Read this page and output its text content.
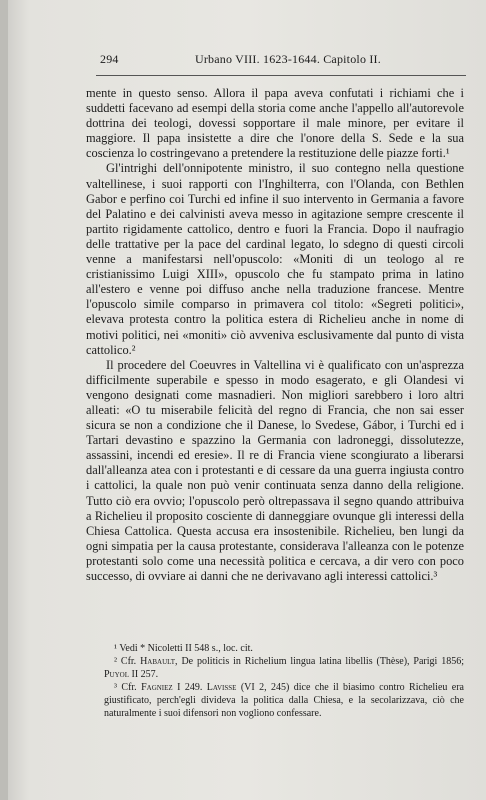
294	Urbano VIII. 1623-1644. Capitolo II.

mente in questo senso. Allora il papa aveva confutati i richiami che i suddetti facevano ad esempi della storia come anche l'appello all'autorevole dottrina dei teologi, dovessi sopportare il male minore, per evitare il maggiore. Il papa insistette a dire che l'onore della S. Sede e la sua coscienza lo costringevano a pretendere la restituzione delle piazze forti.¹

Gl'intrighi dell'onnipotente ministro, il suo contegno nella questione valtellinese, i suoi rapporti con l'Inghilterra, con l'Olanda, con Bethlen Gabor e perfino coi Turchi ed infine il suo intervento in Germania a favore del Palatino e dei calvinisti aveva messo in agitazione sempre crescente il partito rigidamente cattolico, dentro e fuori la Francia. Dopo il naufragio delle trattative per la pace del cardinal legato, lo sdegno di questi circoli venne a manifestarsi nell'opuscolo: «Moniti di un teologo al re cristianissimo Luigi XIII», opuscolo che fu stampato prima in latino all'estero e venne poi diffuso anche nella traduzione francese. Mentre l'opuscolo simile comparso in primavera col titolo: «Segreti politici», elevava protesta contro la politica estera di Richelieu anche in nome di motivi politici, nei «moniti» ciò avveniva esclusivamente dal punto di vista cattolico.²

Il procedere del Coeuvres in Valtellina vi è qualificato con un'asprezza difficilmente superabile e spesso in modo esagerato, e gli Olandesi vi vengono designati come masnadieri. Non migliori sarebbero i loro altri alleati: «O tu miserabile felicità del regno di Francia, che non sai esser sicura se non a condizione che il Danese, lo Svedese, Gábor, i Turchi ed i Tartari devastino e spazzino la Germania con ladroneggi, dissolutezze, assassini, incendi ed eresie». Il re di Francia viene scongiurato a liberarsi dall'alleanza atea con i protestanti e di cessare da una guerra ingiusta contro i cattolici, la quale non può venir continuata senza danno della religione. Tutto ciò era ovvio; l'opuscolo però oltrepassava il segno quando attribuiva a Richelieu il proposito cosciente di danneggiare ovunque gli interessi della Chiesa Cattolica. Questa accusa era insostenibile. Richelieu, ben lungi da ogni simpatia per la causa protestante, considerava l'alleanza con le potenze protestanti solo come una necessità politica e cercava, a dir vero con poco successo, di ovviare ai danni che ne derivavano agli interessi cattolici.³

¹ Vedi * Nicoletti II 548 s., loc. cit.

² Cfr. Habault, De politicis in Richelium lingua latina libellis (Thèse), Parigi 1856; Puyol II 257.

³ Cfr. Fagniez I 249. Lavisse (VI 2, 245) dice che il biasimo contro Richelieu era giustificato, perch'egli divideva la politica dalla Chiesa, e la secolarizzava, ciò che naturalmente i suoi difensori non vogliono confessare.
